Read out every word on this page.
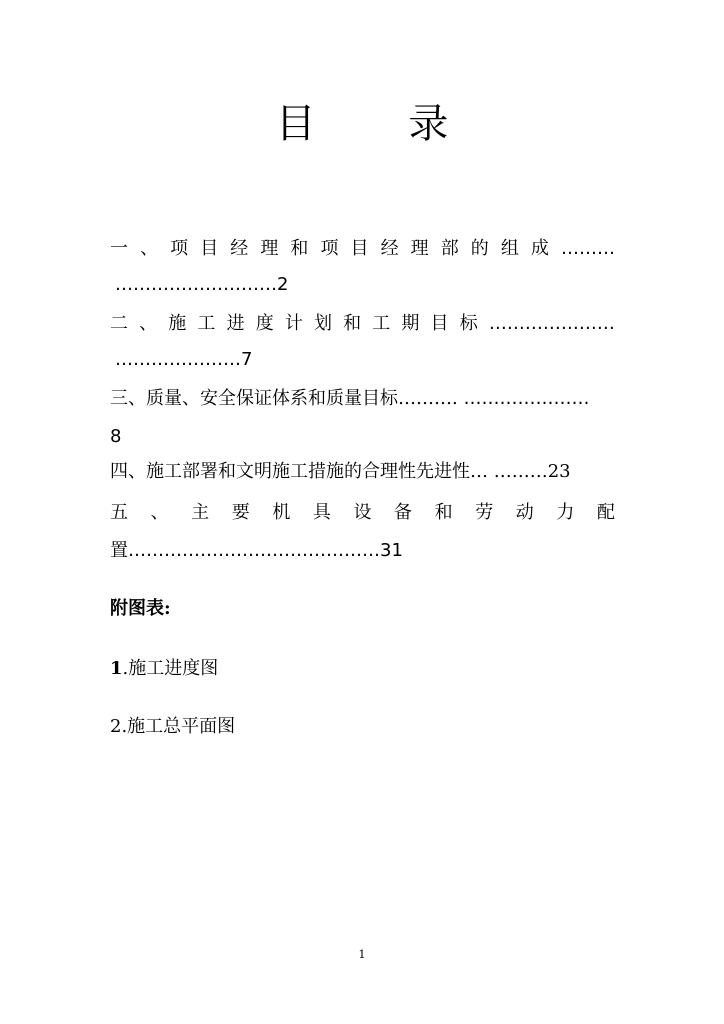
目 录
一 、 项 目 经 理 和 项 目 经 理 部 的 组 成 ………
………………………2
二 、 施 工 进 度 计 划 和 工 期 目 标 …………………
…………………7
三、质量、安全保证体系和质量目标………. …………………
8
四、施工部署和文明施工措施的合理性先进性… ………23
五 、 主 要 机 具 设 备 和 劳 动 力 配
置……………………………………31
附图表:
1.施工进度图
2.施工总平面图
1
